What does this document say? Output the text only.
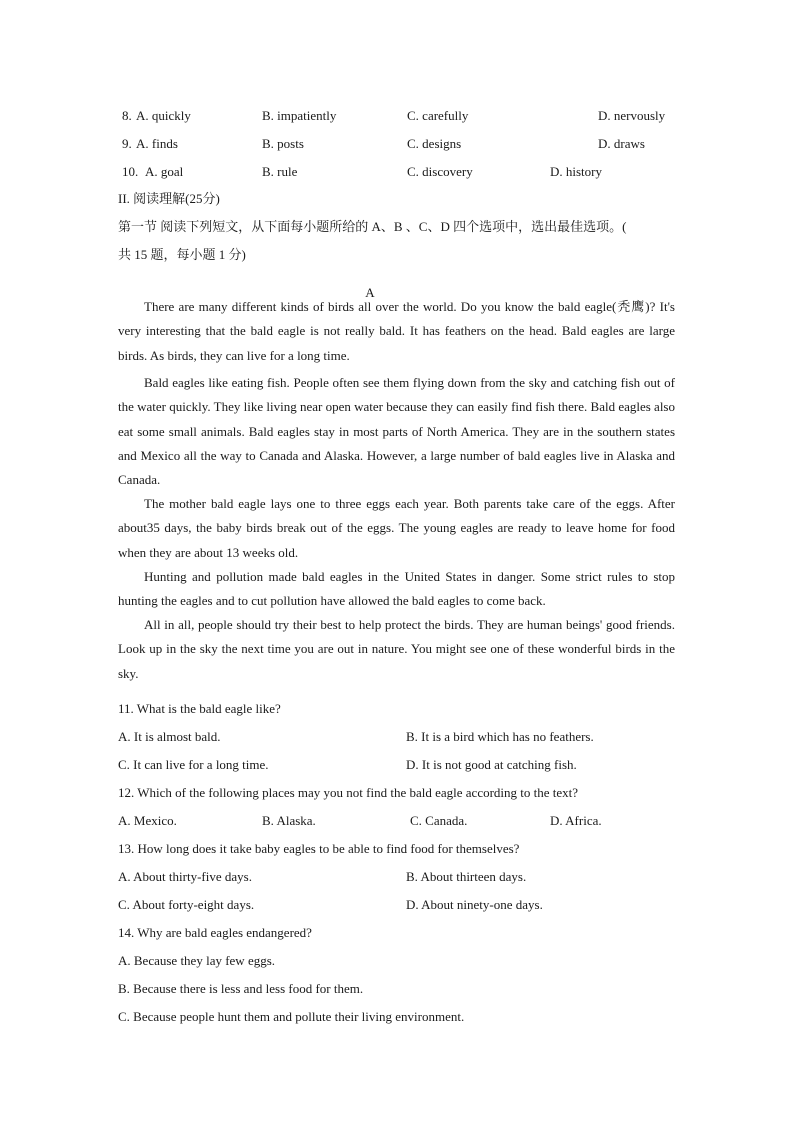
8. A. quickly	B. impatiently	C. carefully	D. nervously
9. A. finds	B. posts	C. designs	D. draws
10. A. goal	B. rule	C. discovery	D. history
II. 阅读理解(25分)
第一节 阅读下列短文，从下面每小题所给的 A、B 、C、D 四个选项中，选出最佳选项。(
共 15 题，每小题 1 分)
A
There are many different kinds of birds all over the world. Do you know the bald eagle(秃鹰)? It's very interesting that the bald eagle is not really bald. It has feathers on the head. Bald eagles are large birds. As birds, they can live for a long time.
Bald eagles like eating fish. People often see them flying down from the sky and catching fish out of the water quickly. They like living near open water because they can easily find fish there. Bald eagles also eat some small animals. Bald eagles stay in most parts of North America. They are in the southern states and Mexico all the way to Canada and Alaska. However, a large number of bald eagles live in Alaska and Canada.
The mother bald eagle lays one to three eggs each year. Both parents take care of the eggs. After about35 days, the baby birds break out of the eggs. The young eagles are ready to leave home for food when they are about 13 weeks old.
Hunting and pollution made bald eagles in the United States in danger. Some strict rules to stop hunting the eagles and to cut pollution have allowed the bald eagles to come back.
All in all, people should try their best to help protect the birds. They are human beings' good friends. Look up in the sky the next time you are out in nature. You might see one of these wonderful birds in the sky.
11. What is the bald eagle like?
A. It is almost bald.	B. It is a bird which has no feathers.
C. It can live for a long time.	D. It is not good at catching fish.
12. Which of the following places may you not find the bald eagle according to the text?
A. Mexico.	B. Alaska.	C. Canada.	D. Africa.
13. How long does it take baby eagles to be able to find food for themselves?
A. About thirty-five days.	B. About thirteen days.
C. About forty-eight days.	D. About ninety-one days.
14. Why are bald eagles endangered?
A. Because they lay few eggs.
B. Because there is less and less food for them.
C. Because people hunt them and pollute their living environment.
